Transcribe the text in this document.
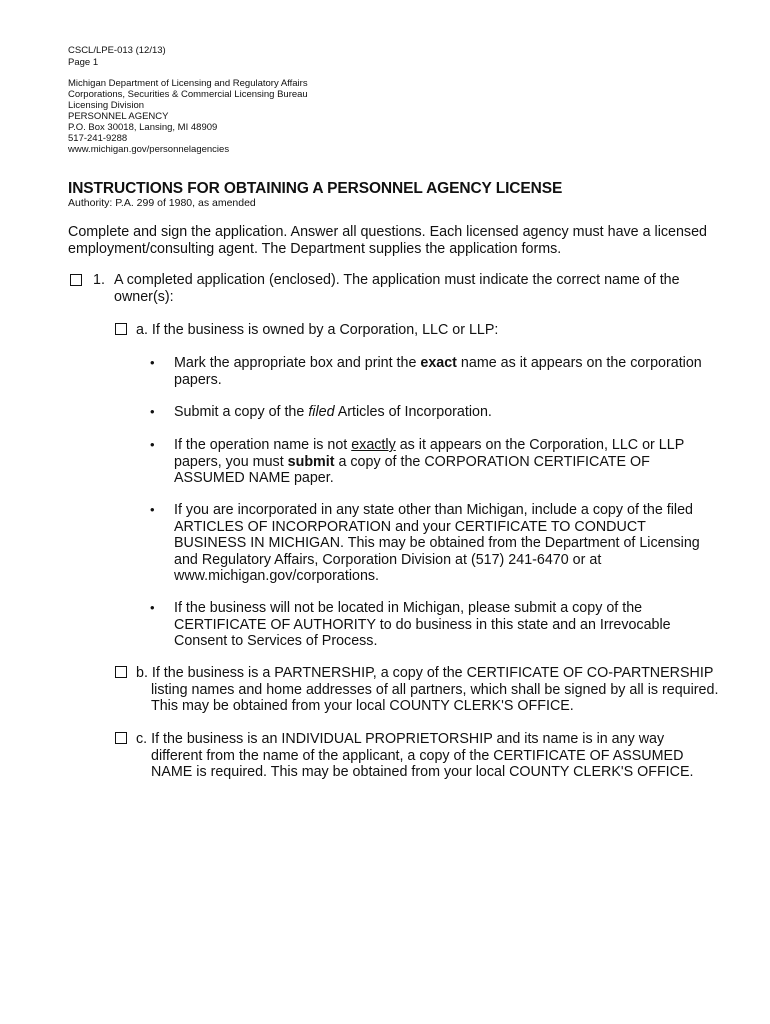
CSCL/LPE-013 (12/13)
Page 1
Michigan Department of Licensing and Regulatory Affairs
Corporations, Securities & Commercial Licensing Bureau
Licensing Division
PERSONNEL AGENCY
P.O. Box 30018, Lansing, MI 48909
517-241-9288
www.michigan.gov/personnelagencies
INSTRUCTIONS FOR OBTAINING A PERSONNEL AGENCY LICENSE
Authority: P.A. 299 of 1980, as amended
Complete and sign the application. Answer all questions. Each licensed agency must have a licensed
employment/consulting agent. The Department supplies the application forms.
1. A completed application (enclosed). The application must indicate the correct name of the
owner(s):
a. If the business is owned by a Corporation, LLC or LLP:
• Mark the appropriate box and print the exact name as it appears on the corporation
papers.
• Submit a copy of the filed Articles of Incorporation.
• If the operation name is not exactly as it appears on the Corporation, LLC or LLP
papers, you must submit a copy of the CORPORATION CERTIFICATE OF
ASSUMED NAME paper.
• If you are incorporated in any state other than Michigan, include a copy of the filed
ARTICLES OF INCORPORATION and your CERTIFICATE TO CONDUCT
BUSINESS IN MICHIGAN. This may be obtained from the Department of Licensing
and Regulatory Affairs, Corporation Division at (517) 241-6470 or at
www.michigan.gov/corporations.
• If the business will not be located in Michigan, please submit a copy of the
CERTIFICATE OF AUTHORITY to do business in this state and an Irrevocable
Consent to Services of Process.
b. If the business is a PARTNERSHIP, a copy of the CERTIFICATE OF CO-PARTNERSHIP
listing names and home addresses of all partners, which shall be signed by all is required.
This may be obtained from your local COUNTY CLERK'S OFFICE.
c. If the business is an INDIVIDUAL PROPRIETORSHIP and its name is in any way
different from the name of the applicant, a copy of the CERTIFICATE OF ASSUMED
NAME is required. This may be obtained from your local COUNTY CLERK'S OFFICE.
